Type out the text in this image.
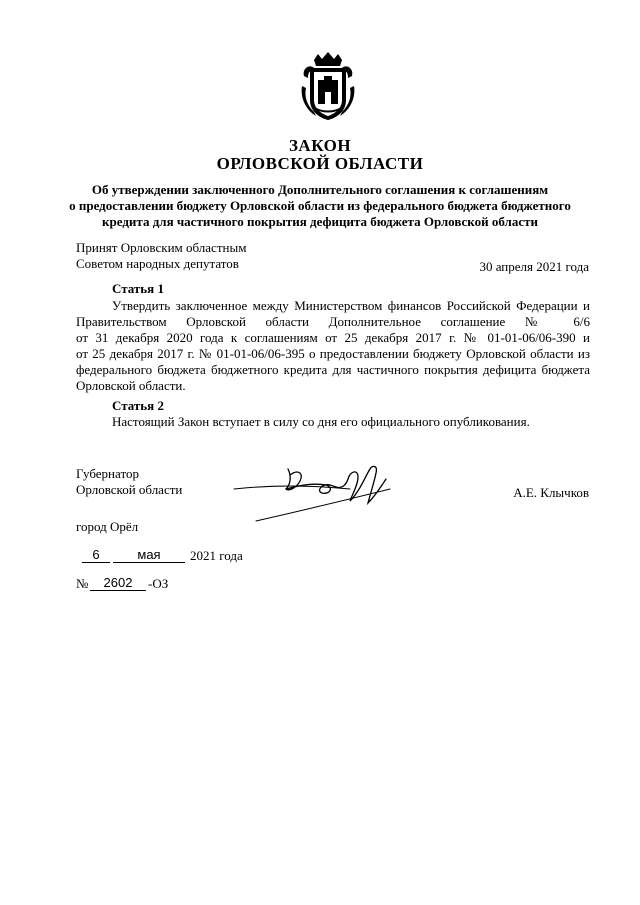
ЗАКОН
ОРЛОВСКОЙ ОБЛАСТИ
Об утверждении заключенного Дополнительного соглашения к соглашениям
о предоставлении бюджету Орловской области из федерального бюджета бюджетного
кредита для частичного покрытия дефицита бюджета Орловской области
Принят Орловским областным
Советом народных депутатов	30 апреля 2021 года
Статья 1
Утвердить заключенное между Министерством финансов Российской Федерации и
Правительством Орловской области Дополнительное соглашение № 6/6
от 31 декабря 2020 года к соглашениям от 25 декабря 2017 г. № 01-01-06/06-390 и
от 25 декабря 2017 г. № 01-01-06/06-395 о предоставлении бюджету Орловской области из
федерального бюджета бюджетного кредита для частичного покрытия дефицита бюджета
Орловской области.
Статья 2
Настоящий Закон вступает в силу со дня его официального опубликования.
Губернатор
Орловской области	А.Е. Клычков
город Орёл
6	мая	2021 года
№	2602	-ОЗ
